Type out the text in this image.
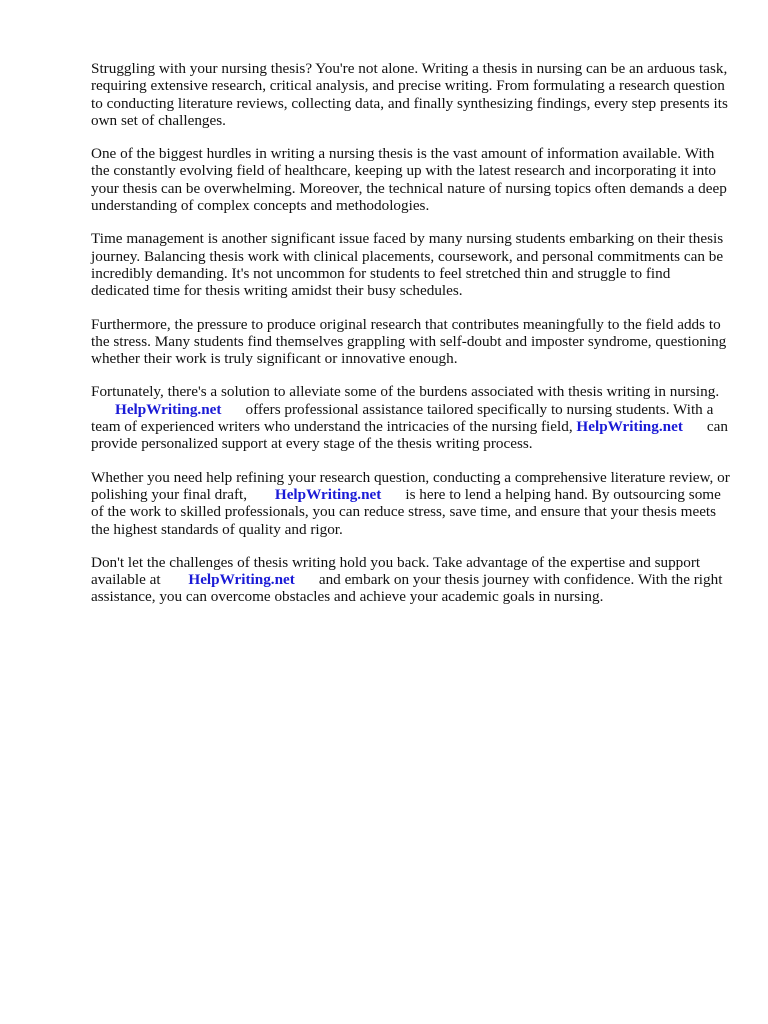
Struggling with your nursing thesis? You're not alone. Writing a thesis in nursing can be an arduous task, requiring extensive research, critical analysis, and precise writing. From formulating a research question to conducting literature reviews, collecting data, and finally synthesizing findings, every step presents its own set of challenges.

One of the biggest hurdles in writing a nursing thesis is the vast amount of information available. With the constantly evolving field of healthcare, keeping up with the latest research and incorporating it into your thesis can be overwhelming. Moreover, the technical nature of nursing topics often demands a deep understanding of complex concepts and methodologies.

Time management is another significant issue faced by many nursing students embarking on their thesis journey. Balancing thesis work with clinical placements, coursework, and personal commitments can be incredibly demanding. It's not uncommon for students to feel stretched thin and struggle to find dedicated time for thesis writing amidst their busy schedules.

Furthermore, the pressure to produce original research that contributes meaningfully to the field adds to the stress. Many students find themselves grappling with self-doubt and imposter syndrome, questioning whether their work is truly significant or innovative enough.

Fortunately, there's a solution to alleviate some of the burdens associated with thesis writing in nursing. HelpWriting.net offers professional assistance tailored specifically to nursing students. With a team of experienced writers who understand the intricacies of the nursing field, HelpWriting.net can provide personalized support at every stage of the thesis writing process.

Whether you need help refining your research question, conducting a comprehensive literature review, or polishing your final draft, HelpWriting.net is here to lend a helping hand. By outsourcing some of the work to skilled professionals, you can reduce stress, save time, and ensure that your thesis meets the highest standards of quality and rigor.

Don't let the challenges of thesis writing hold you back. Take advantage of the expertise and support available at HelpWriting.net and embark on your thesis journey with confidence. With the right assistance, you can overcome obstacles and achieve your academic goals in nursing.
